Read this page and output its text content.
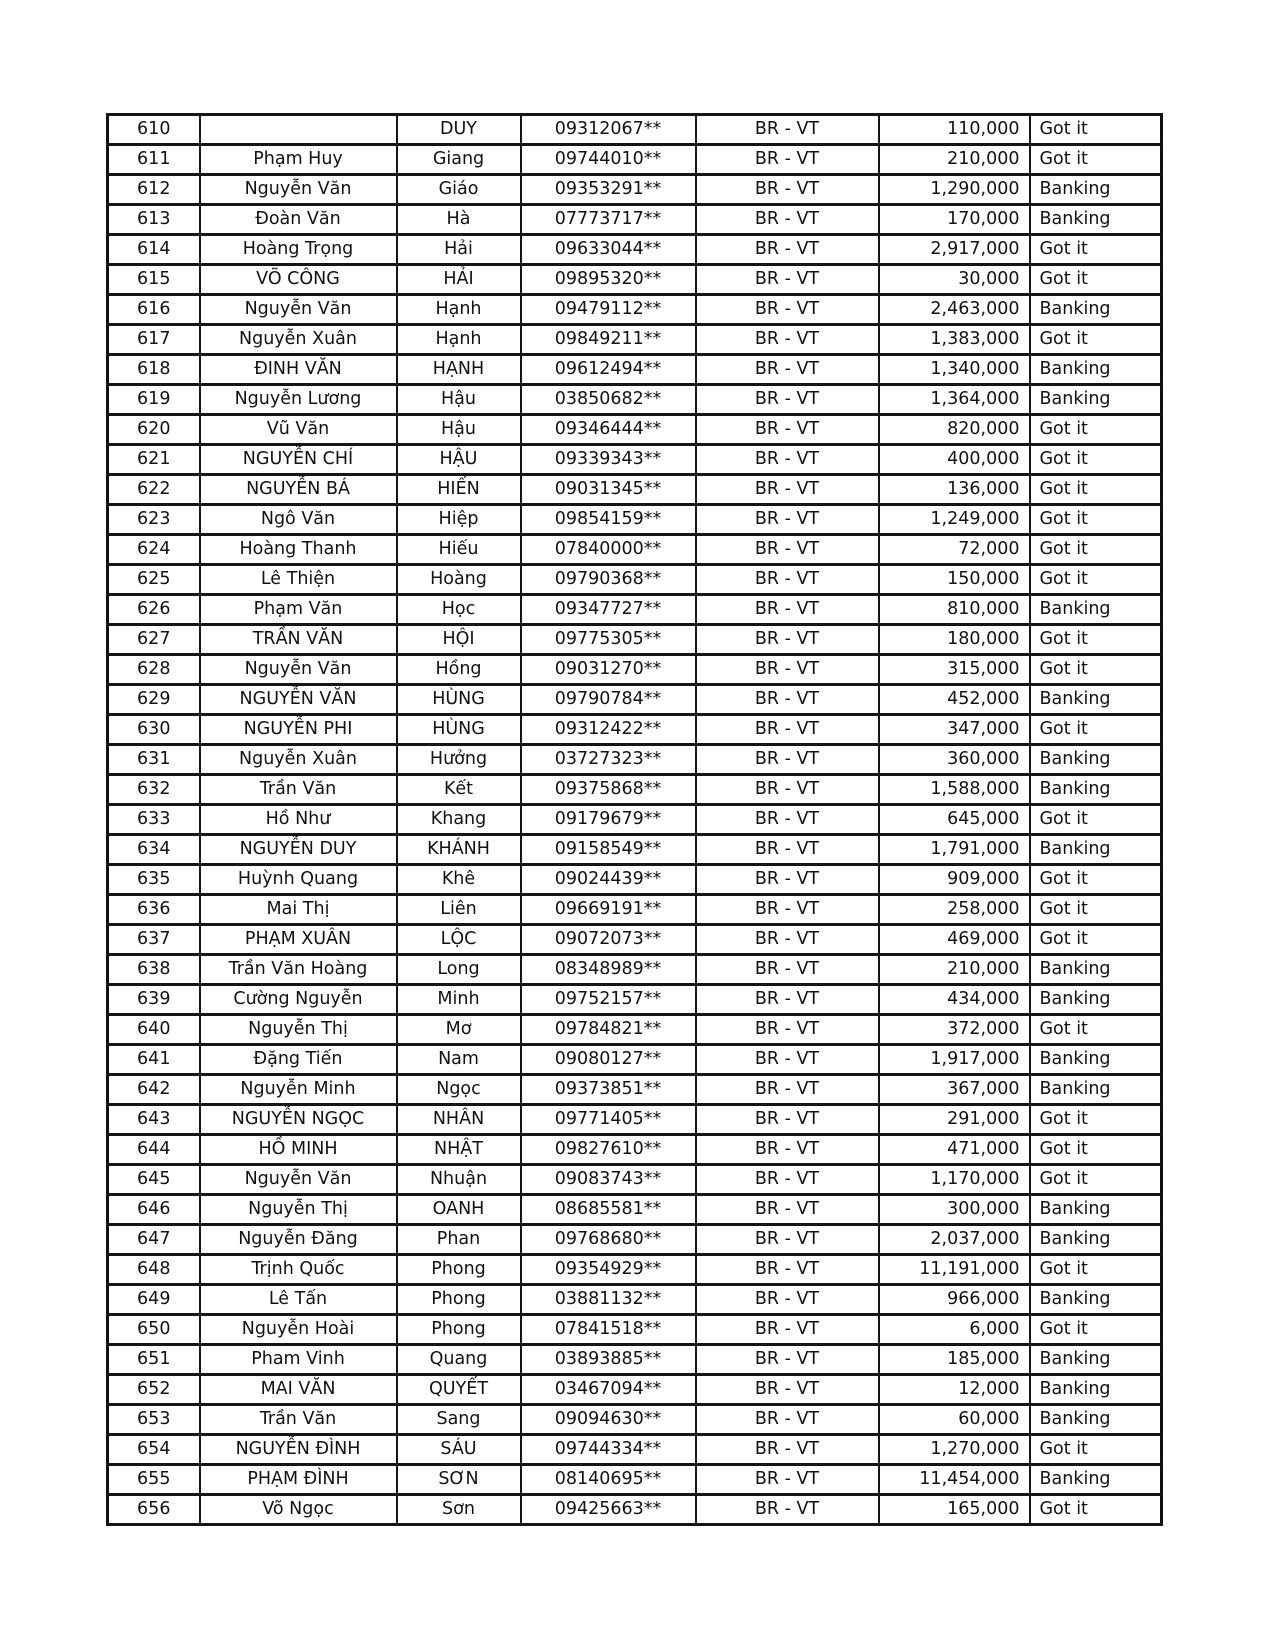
610		DUY	09312067**	BR - VT	110,000	Got it
611	Phạm Huy	Giang	09744010**	BR - VT	210,000	Got it
612	Nguyễn Văn	Giáo	09353291**	BR - VT	1,290,000	Banking
613	Đoàn Văn	Hà	07773717**	BR - VT	170,000	Banking
614	Hoàng Trọng	Hải	09633044**	BR - VT	2,917,000	Got it
615	VÕ CÔNG	HẢI	09895320**	BR - VT	30,000	Got it
616	Nguyễn Văn	Hạnh	09479112**	BR - VT	2,463,000	Banking
617	Nguyễn Xuân	Hạnh	09849211**	BR - VT	1,383,000	Got it
618	ĐINH VĂN	HẠNH	09612494**	BR - VT	1,340,000	Banking
619	Nguyễn Lương	Hậu	03850682**	BR - VT	1,364,000	Banking
620	Vũ Văn	Hậu	09346444**	BR - VT	820,000	Got it
621	NGUYỄN CHÍ	HẬU	09339343**	BR - VT	400,000	Got it
622	NGUYỄN BÁ	HIẾN	09031345**	BR - VT	136,000	Got it
623	Ngô Văn	Hiệp	09854159**	BR - VT	1,249,000	Got it
624	Hoàng Thanh	Hiếu	07840000**	BR - VT	72,000	Got it
625	Lê Thiện	Hoàng	09790368**	BR - VT	150,000	Got it
626	Phạm Văn	Học	09347727**	BR - VT	810,000	Banking
627	TRẦN VĂN	HỘI	09775305**	BR - VT	180,000	Got it
628	Nguyễn Văn	Hồng	09031270**	BR - VT	315,000	Got it
629	NGUYỄN VĂN	HÙNG	09790784**	BR - VT	452,000	Banking
630	NGUYỄN PHI	HÙNG	09312422**	BR - VT	347,000	Got it
631	Nguyễn Xuân	Hưởng	03727323**	BR - VT	360,000	Banking
632	Trần Văn	Kết	09375868**	BR - VT	1,588,000	Banking
633	Hồ Như	Khang	09179679**	BR - VT	645,000	Got it
634	NGUYỄN DUY	KHÁNH	09158549**	BR - VT	1,791,000	Banking
635	Huỳnh Quang	Khê	09024439**	BR - VT	909,000	Got it
636	Mai Thị	Liên	09669191**	BR - VT	258,000	Got it
637	PHẠM XUÂN	LỘC	09072073**	BR - VT	469,000	Got it
638	Trần Văn Hoàng	Long	08348989**	BR - VT	210,000	Banking
639	Cường Nguyễn	Minh	09752157**	BR - VT	434,000	Banking
640	Nguyễn Thị	Mơ	09784821**	BR - VT	372,000	Got it
641	Đặng Tiến	Nam	09080127**	BR - VT	1,917,000	Banking
642	Nguyễn Minh	Ngọc	09373851**	BR - VT	367,000	Banking
643	NGUYỄN NGỌC	NHÂN	09771405**	BR - VT	291,000	Got it
644	HỒ MINH	NHẬT	09827610**	BR - VT	471,000	Got it
645	Nguyễn Văn	Nhuận	09083743**	BR - VT	1,170,000	Got it
646	Nguyễn Thị	OANH	08685581**	BR - VT	300,000	Banking
647	Nguyễn Đăng	Phan	09768680**	BR - VT	2,037,000	Banking
648	Trịnh Quốc	Phong	09354929**	BR - VT	11,191,000	Got it
649	Lê Tấn	Phong	03881132**	BR - VT	966,000	Banking
650	Nguyễn Hoài	Phong	07841518**	BR - VT	6,000	Got it
651	Pham Vinh	Quang	03893885**	BR - VT	185,000	Banking
652	MAI VĂN	QUYẾT	03467094**	BR - VT	12,000	Banking
653	Trần Văn	Sang	09094630**	BR - VT	60,000	Banking
654	NGUYỄN ĐÌNH	SÁU	09744334**	BR - VT	1,270,000	Got it
655	PHẠM ĐÌNH	SƠN	08140695**	BR - VT	11,454,000	Banking
656	Võ Ngọc	Sơn	09425663**	BR - VT	165,000	Got it
